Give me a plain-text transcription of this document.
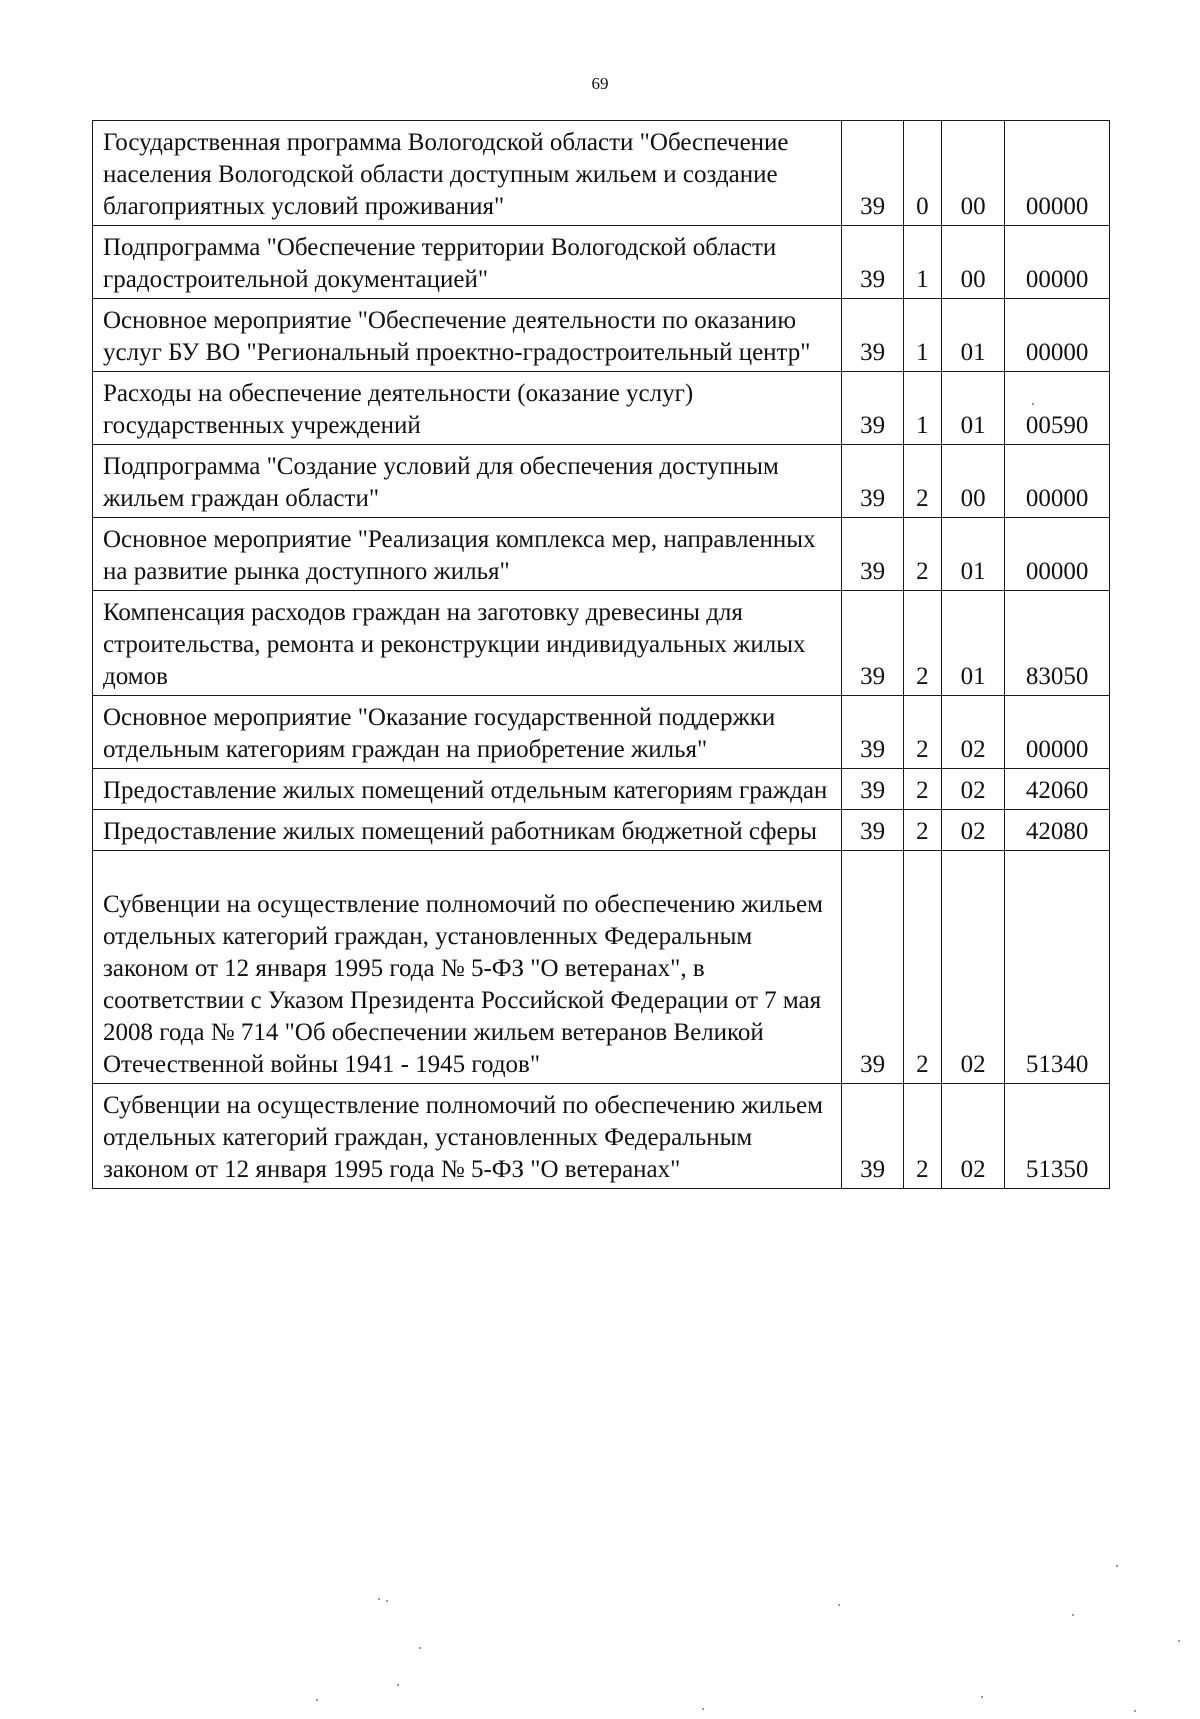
69
Государственная программа Вологодской области "Обеспечение населения Вологодской области доступным жильем и создание благоприятных условий проживания"	39	0	00	00000
Подпрограмма "Обеспечение территории Вологодской области градостроительной документацией"	39	1	00	00000
Основное мероприятие "Обеспечение деятельности по оказанию услуг БУ ВО "Региональный проектно-градостроительный центр"	39	1	01	00000
Расходы на обеспечение деятельности (оказание услуг) государственных учреждений	39	1	01	00590
Подпрограмма "Создание условий для обеспечения доступным жильем граждан области"	39	2	00	00000
Основное мероприятие "Реализация комплекса мер, направленных на развитие рынка доступного жилья"	39	2	01	00000
Компенсация расходов граждан на заготовку древесины для строительства, ремонта и реконструкции индивидуальных жилых домов	39	2	01	83050
Основное мероприятие "Оказание государственной поддержки отдельным категориям граждан на приобретение жилья"	39	2	02	00000
Предоставление жилых помещений отдельным категориям граждан	39	2	02	42060
Предоставление жилых помещений работникам бюджетной сферы	39	2	02	42080
Субвенции на осуществление полномочий по обеспечению жильем отдельных категорий граждан, установленных Федеральным законом от 12 января 1995 года № 5-ФЗ "О ветеранах", в соответствии с Указом Президента Российской Федерации от 7 мая 2008 года № 714 "Об обеспечении жильем ветеранов Великой Отечественной войны 1941 - 1945 годов"	39	2	02	51340
Субвенции на осуществление полномочий по обеспечению жильем отдельных категорий граждан, установленных Федеральным законом от 12 января 1995 года № 5-ФЗ "О ветеранах"	39	2	02	51350
